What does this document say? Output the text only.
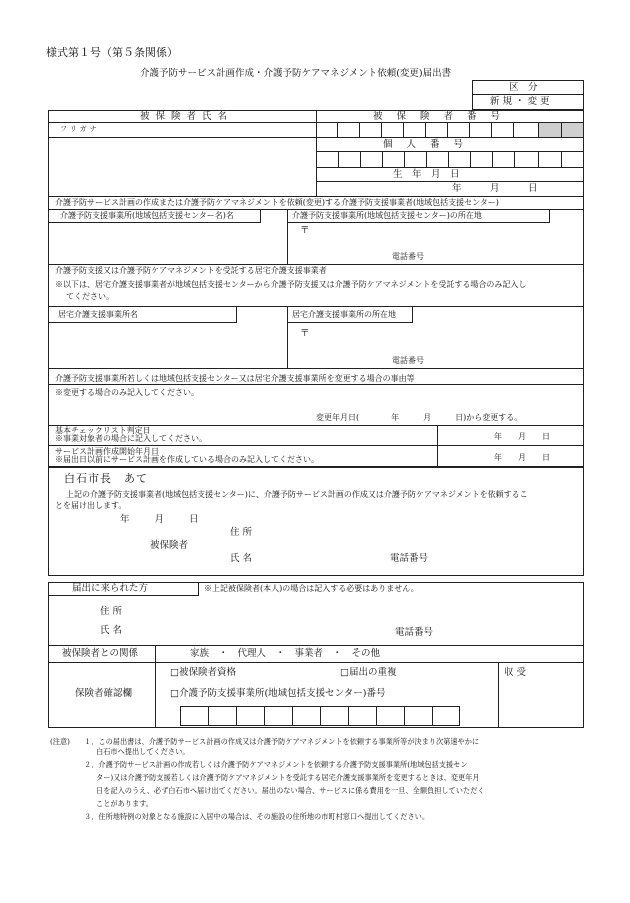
様式第１号（第５条関係）
介護予防サービス計画作成・介護予防ケアマネジメント依頼(変更)届出書
区　分
新規・変更
被保険者氏名	被保険者番号
フリガナ
個人番号
生　年　月　日
年　　　月　　　日
介護予防サービス計画の作成または介護予防ケアマネジメントを依頼(変更)する介護予防支援事業者(地域包括支援センター)
介護予防支援事業所(地域包括支援センター名)名	介護予防支援事業所(地域包括支援センター)の所在地
〒
電話番号
介護予防支援又は介護予防ケアマネジメントを受託する居宅介護支援事業者
※以下は、居宅介護支援事業者が地域包括支援センターから介護予防支援又は介護予防ケアマネジメントを受託する場合のみ記入し
てください。
居宅介護支援事業所名	居宅介護支援事業所の所在地
〒
電話番号
介護予防支援事業所若しくは地域包括支援センター又は居宅介護支援事業所を変更する場合の事由等
※変更する場合のみ記入してください。
変更年月日(　　　　年　　　月　　　日)から変更する。
基本チェックリスト判定日
※事業対象者の場合に記入してください。	年　　月　　日
サービス計画作成開始年月日
※届出日以前にサービス計画を作成している場合のみ記入してください。	年　　月　　日
白石市長　あて
上記の介護予防支援事業者(地域包括支援センター)に、介護予防サービス計画の作成又は介護予防ケアマネジメントを依頼するこ
とを届け出します。
年　　月　　日
住 所
被保険者
氏 名	電話番号
届出に来られた方	※上記被保険者(本人)の場合は記入する必要はありません。
住 所
氏 名	電話番号
被保険者との関係	家族　・　代理人　・　事業者　・　その他
保険者確認欄
□被保険者資格	□届出の重複
□介護予防支援事業所(地域包括支援センター)番号
収 受
(注意) １．この届出書は、介護予防サービス計画の作成又は介護予防ケアマネジメントを依頼する事業所等が決まり次第速やかに
白石市へ提出してください。
２．介護予防サービス計画の作成若しくは介護予防ケアマネジメントを依頼する介護予防支援事業所(地域包括支援セン
ター)又は介護予防支援若しくは介護予防ケアマネジメントを受託する居宅介護支援事業所を変更するときは、変更年月
日を記入のうえ、必ず白石市へ届け出てください。届出のない場合、サービスに係る費用を一旦、全額負担していただく
ことがあります。
３．住所地特例の対象となる施設に入居中の場合は、その施設の住所地の市町村窓口へ提出してください。
